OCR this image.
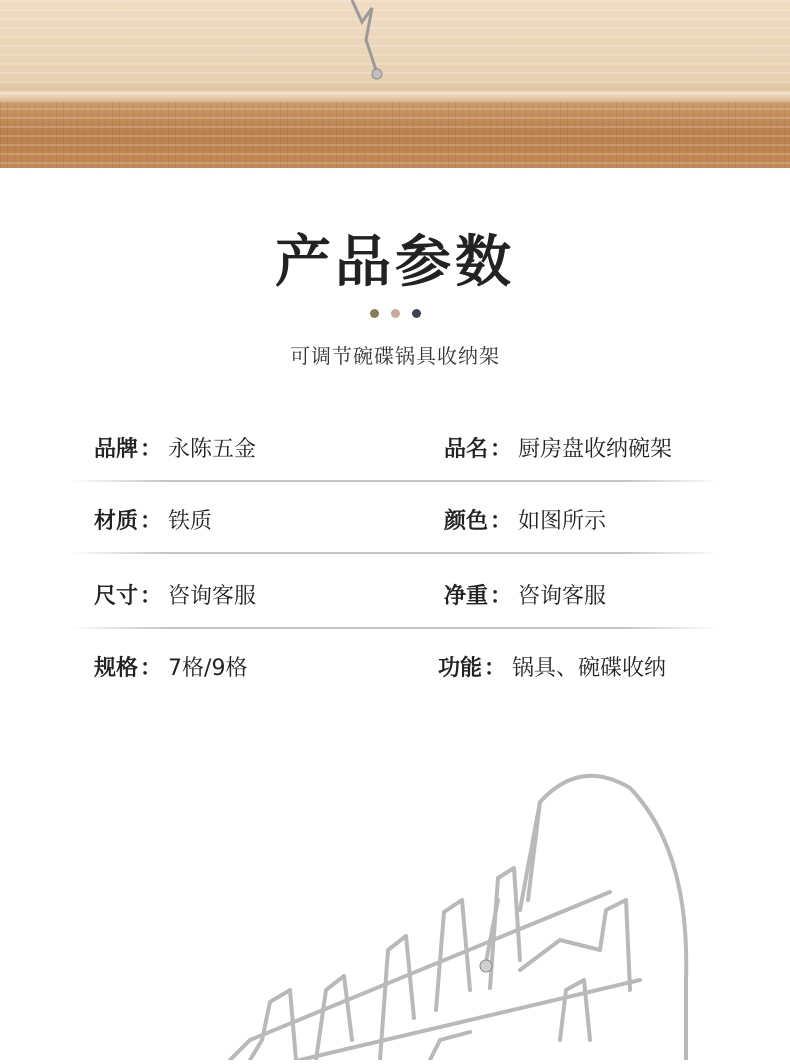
产品参数
可调节碗碟锅具收纳架
品牌： 永陈五金	品名： 厨房盘收纳碗架
材质： 铁质	颜色： 如图所示
尺寸： 咨询客服	净重： 咨询客服
规格： 7格/9格	功能： 锅具、碗碟收纳
